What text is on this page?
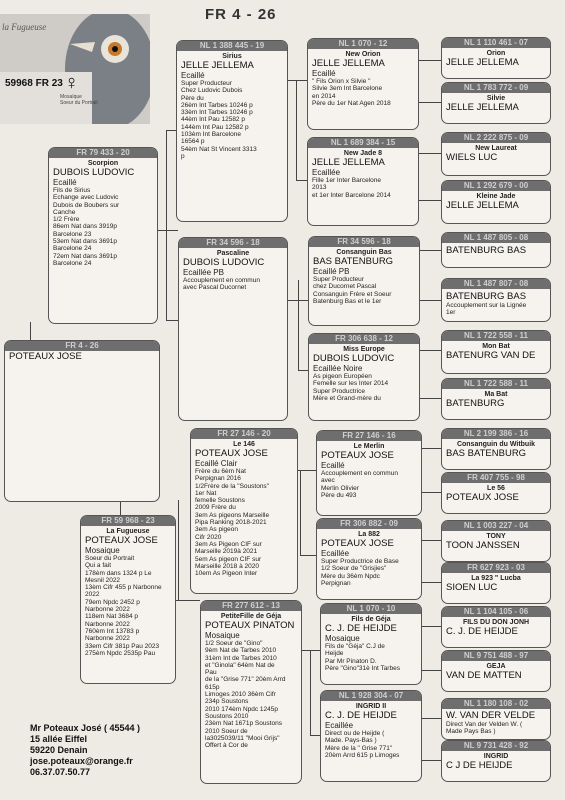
FR 4 - 26
la Fugueuse
59968 FR 23 ♀
Mosaïque
Soeur du Portrait
FR 4 - 26
POTEAUX JOSE
FR 79 433 - 20
Scorpion
DUBOIS LUDOVIC
Ecaillé
Fils de Sirius
Echange avec Ludovic
Dubois de Boubers sur
Canche
1/2 Frère
86em Nat dans 3919p
Barcelone 23
53em Nat dans 3691p
Barcelone 24
72em Nat dans 3691p
Barcelone 24
FR 59 968 - 23
La Fugueuse
POTEAUX JOSE
Mosaique
Soeur du Portrait
Qui a fait
178èm dans 1324 p Le
Mesnil 2022
13èm Cifr 455 p Narbonne
2022
79em Npdc 2452 p
Narbonne 2022
118em Nat 3684 p
Narbonne 2022
760èm Int 13783 p
Narbonne 2022
33em Cifr 381p Pau 2023
275èm Npdc 2535p Pau
NL 1 388 445 - 19
Sirius
JELLE JELLEMA
Ecaillé
Super Producteur
Chez Ludovic Dubois
Père du
26èm Int Tarbes 10246 p
33èm Int Tarbes 10246 p
44èm Int Pau 12582 p
144èm Int Pau 12582 p
103èm Int Barcelone
16564 p
54èm Nat St Vincent 3313
p
FR 34 596 - 18
Pascaline
DUBOIS LUDOVIC
Ecaillée PB
Accouplement en commun
avec Pascal Ducornet
FR 27 146 - 20
Le 146
POTEAUX JOSE
Ecaillé Clair
Frère du 6èm Nat
Perpignan 2016
1/2Frère de la "Soustons"
1er Nat
femelle Soustons
2009 Frère du
3em As pigeons Marseille
Pipa Ranking 2018-2021
3em As pigeon
Cifr 2020
3em As Pigeon CIF sur
Marseille 2019à 2021
5em As pigeon CIF sur
Marseille 2018 à 2020
10em As Pigeon Inter
FR 277 612 - 13
PetiteFille de Géja
POTEAUX PINATON
Mosaique
1/2 Soeur de "Gino"
9èm Nat de Tarbes 2010
31èm Int de Tarbes 2010
et "Ginola" 64èm Nat de
Pau
de la "Grise 771" 20èm Arrd
615p
Limoges 2010 36èm Cifr
234p Soustons
2010 174èm Npdc 1245p
Soustons 2010
23èm Nat 1671p Soustons
2010 Soeur de
la3025039/11 "Mooi Grijs"
Offert à Cor de
NL 1 070 - 12
New Orion
JELLE JELLEMA
Ecaillé
" Fils Orion x Silvie "
Silvie 3em Int Barcelone
en 2014
Père du 1er Nat Agen 2018
NL 1 689 384 - 15
New Jade 8
JELLE JELLEMA
Ecaillée
Fille 1er Inter Barcelone
2013
et 1er Inter Barcelone 2014
FR 34 596 - 18
Consanguin Bas
BAS BATENBURG
Ecaillé PB
Super Producteur
chez Ducornet Pascal
Consanguin Frère et Soeur
Batenburg Bas et le 1er
FR 306 638 - 12
Miss Europe
DUBOIS LUDOVIC
Ecaillée Noire
As pigeon Européen
Femelle sur les Inter 2014
Super Productrice
Mère et Grand-mère du
FR 27 146 - 16
Le Merlin
POTEAUX JOSE
Ecaillé
Accouplement en commun
avec
Merlin Olivier
Père du 493
FR 306 882 - 09
La 882
POTEAUX JOSE
Ecaillée
Super Productrice de Base
1/2 Soeur de "Grisjies"
Mère du 36èm Npdc
Perpignan
NL 1 070 - 10
Fils de Géja
C. J. DE HEIJDE
Mosaique
Fils de "Géja" C.J de
Heijde
Par Mr Pinaton D.
Père "Gino"31è Int Tarbes
NL 1 928 304 - 07
INGRID II
C. J. DE HEIJDE
Ecaillée
Direct ou de Heijde (
Made. Pays-Bas )
Mère de la " Grise 771"
20èm Arrd 615 p Limoges
NL 1 110 461 - 07
Orion
JELLE JELLEMA
NL 1 783 772 - 09
Silvie
JELLE JELLEMA
NL 2 222 875 - 09
New Laureat
WIELS LUC
NL 1 292 679 - 00
Kleine Jade
JELLE JELLEMA
NL 1 487 805 - 08
BATENBURG BAS
NL 1 487 807 - 08
BATENBURG BAS
Accouplement sur la Lignée
1er
NL 1 722 558 - 11
Mon Bat
BATENURG VAN DE
NL 1 722 588 - 11
Ma Bat
BATENBURG
NL 2 199 386 - 16
Consanguin du Witbuik
BAS BATENBURG
FR 407 755 - 98
Le 56
POTEAUX JOSE
NL 1 003 227 - 04
TONY
TOON JANSSEN
FR 627 923 - 03
La 923 " Lucba
SIOEN LUC
NL 1 104 105 - 06
FILS DU DON JONH
C. J. DE HEIJDE
NL 9 751 488 - 97
GEJA
VAN DE MATTEN
NL 1 180 108 - 02
W. VAN DER VELDE
Direct Van der Velden W. (
Made Pays Bas )
NL 9 731 428 - 92
INGRID
C J DE HEIJDE
Mr Poteaux José ( 45544 )
15 allée Eiffel
59220 Denain
jose.poteaux@orange.fr
06.37.07.50.77
